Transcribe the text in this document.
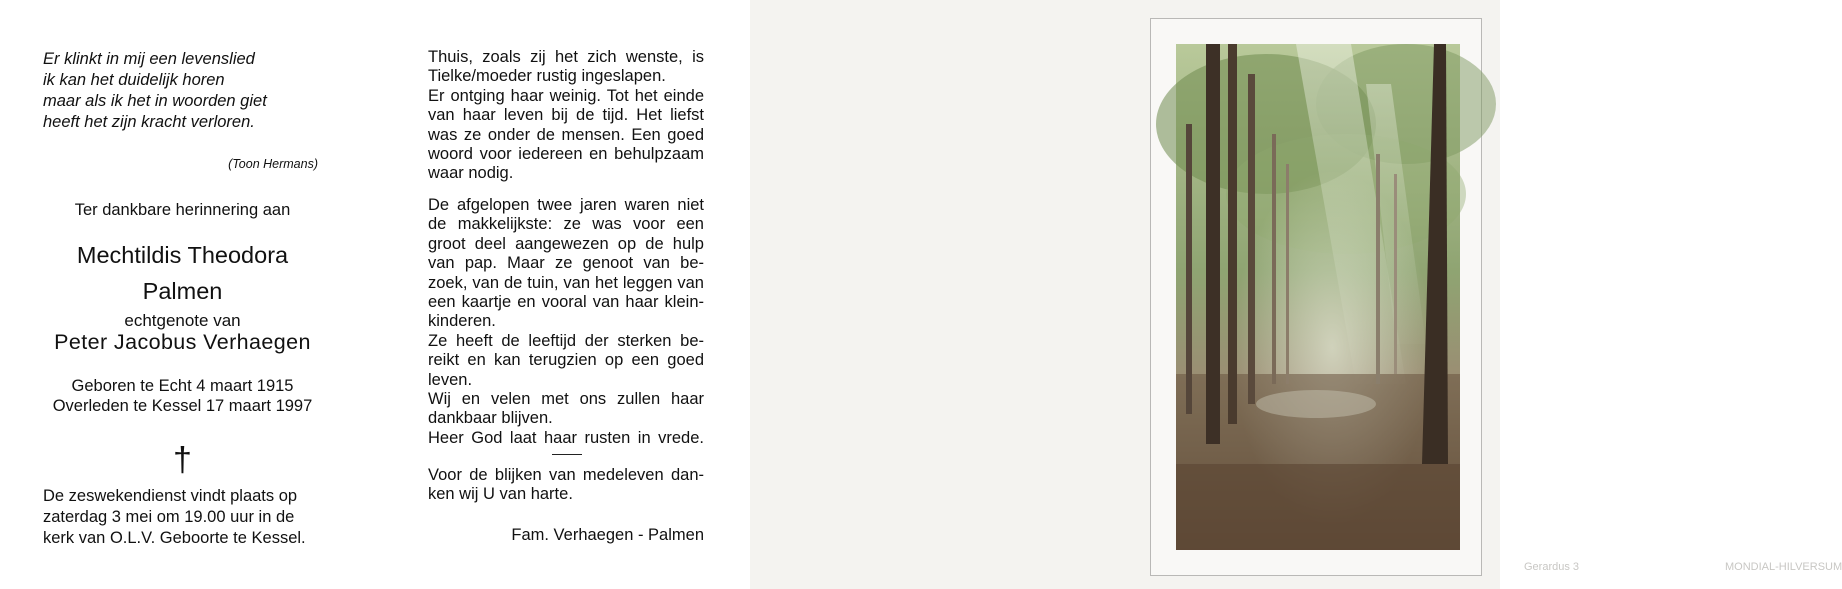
Er klinkt in mij een levenslied
ik kan het duidelijk horen
maar als ik het in woorden giet
heeft het zijn kracht verloren.
(Toon Hermans)
Ter dankbare herinnering aan
Mechtildis Theodora
Palmen
echtgenote van
Peter Jacobus Verhaegen
Geboren te Echt 4 maart 1915
Overleden te Kessel 17 maart 1997
†
De zeswekendienst vindt plaats op
zaterdag 3 mei om 19.00 uur in de
kerk van O.L.V. Geboorte te Kessel.
Thuis, zoals zij het zich wenste, is
Tielke/moeder rustig ingeslapen.
Er ontging haar weinig. Tot het einde
van haar leven bij de tijd. Het liefst
was ze onder de mensen. Een goed
woord voor iedereen en behulpzaam
waar nodig.
De afgelopen twee jaren waren niet
de makkelijkste: ze was voor een
groot deel aangewezen op de hulp
van pap. Maar ze genoot van be-
zoek, van de tuin, van het leggen van
een kaartje en vooral van haar klein-
kinderen.
Ze heeft de leeftijd der sterken be-
reikt en kan terugzien op een goed
leven.
Wij en velen met ons zullen haar
dankbaar blijven.
Heer God laat haar rusten in vrede.
Voor de blijken van medeleven dan-
ken wij U van harte.
Fam. Verhaegen - Palmen
Gerardus 3	MONDIAL-HILVERSUM
